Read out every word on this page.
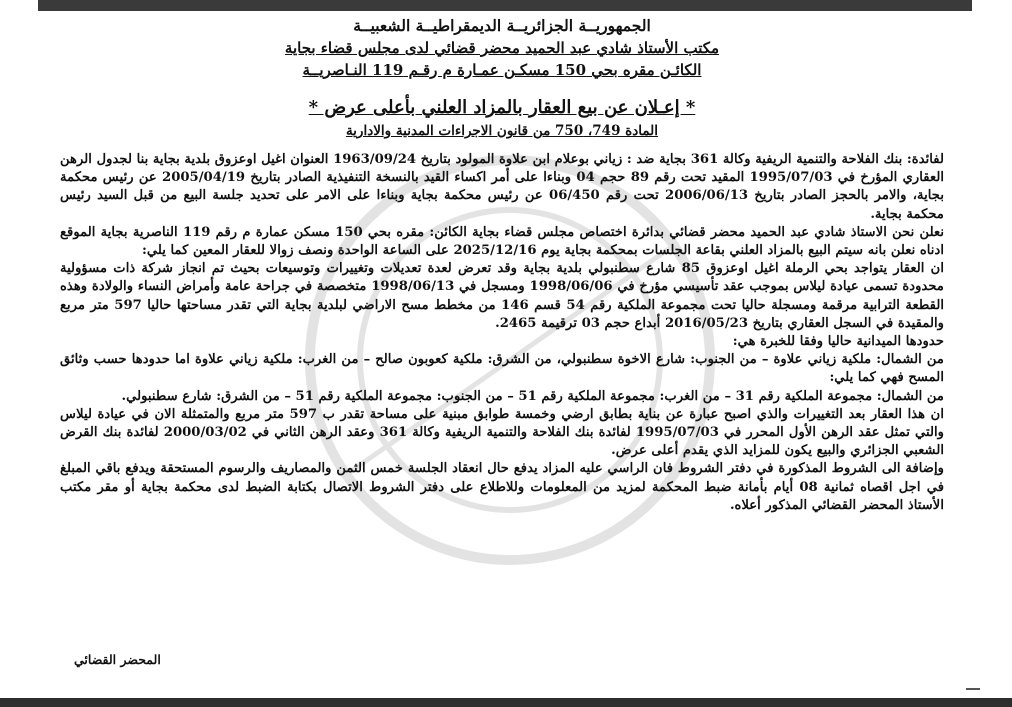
الجمهوريــة الجزائريــة الديمقراطيــة الشعبيــة

مكتب الأستاذ شادي عبد الحميد محضر قضائي لدى مجلس قضاء بجاية

الكائـن مقره بحي 150 مسكـن عمـارة م رقـم 119 النـاصريــة

* إعـلان عن بيع العقار بالمزاد العلني بأعلى عرض *

المادة 749، 750 من قانون الاجراءات المدنية والادارية

لفائدة: بنك الفلاحة والتنمية الريفية وكالة 361 بجاية ضد : زياني بوعلام ابن علاوة المولود بتاريخ 1963/09/24 العنوان اغيل اوعزوق بلدية بجاية بنا لجدول الرهن العقاري المؤرخ في 1995/07/03 المقيد تحت رقم 89 حجم 04 وبناءا على أمر اكساء القيد بالنسخة التنفيذية الصادر بتاريخ 2005/04/19 عن رئيس محكمة بجاية، والامر بالحجز الصادر بتاريخ 2006/06/13 تحت رقم 06/450 عن رئيس محكمة بجاية وبناءا على الامر على تحديد جلسة البيع من قبل السيد رئيس محكمة بجاية.

نعلن نحن الاستاذ شادي عبد الحميد محضر قضائي بدائرة اختصاص مجلس قضاء بجاية الكائن: مقره بحي 150 مسكن عمارة م رقم 119 الناصرية بجاية الموقع ادناه نعلن بانه سيتم البيع بالمزاد العلني بقاعة الجلسات بمحكمة بجاية يوم 2025/12/16 على الساعة الواحدة ونصف زوالا للعقار المعين كما يلي:

ان العقار يتواجد بحي الرملة اغيل اوعزوق 85 شارع سطنبولي بلدية بجاية وقد تعرض لعدة تعديلات وتغييرات وتوسيعات بحيث تم انجاز شركة ذات مسؤولية محدودة تسمى عيادة ليلاس بموجب عقد تأسيسي مؤرخ في 1998/06/06 ومسجل في 1998/06/13 متخصصة في جراحة عامة وأمراض النساء والولادة وهذه القطعة الترابية مرقمة ومسجلة حاليا تحت مجموعة الملكية رقم 54 قسم 146 من مخطط مسح الاراضي لبلدية بجاية التي تقدر مساحتها حاليا 597 متر مربع والمقيدة في السجل العقاري بتاريخ 2016/05/23 أبداع حجم 03 ترقيمة 2465.

حدودها الميدانية حاليا وفقا للخبرة هي:

من الشمال: ملكية زياني علاوة – من الجنوب: شارع الاخوة سطنبولي، من الشرق: ملكية كعوبون صالح – من الغرب: ملكية زياني علاوة اما حدودها حسب وثائق المسح فهي كما يلي:

من الشمال: مجموعة الملكية رقم 31 – من الغرب: مجموعة الملكية رقم 51 – من الجنوب: مجموعة الملكية رقم 51 – من الشرق: شارع سطنبولي.

ان هذا العقار بعد التغييرات والذي اصبح عبارة عن بناية بطابق ارضي وخمسة طوابق مبنية على مساحة تقدر ب 597 متر مربع والمتمثلة الان في عيادة ليلاس والتي تمثل عقد الرهن الأول المحرر في 1995/07/03 لفائدة بنك الفلاحة والتنمية الريفية وكالة 361 وعقد الرهن الثاني في 2000/03/02 لفائدة بنك القرض الشعبي الجزائري والبيع يكون للمزايد الذي يقدم أعلى عرض.

وإضافة الى الشروط المذكورة في دفتر الشروط فان الراسي عليه المزاد يدفع حال انعقاد الجلسة خمس الثمن والمصاريف والرسوم المستحقة ويدفع باقي المبلغ في اجل اقصاه ثمانية 08 أيام بأمانة ضبط المحكمة لمزيد من المعلومات وللاطلاع على دفتر الشروط الاتصال بكتابة الضبط لدى محكمة بجاية أو مقر مكتب الأستاذ المحضر القضائي المذكور أعلاه.

المحضر القضائي
